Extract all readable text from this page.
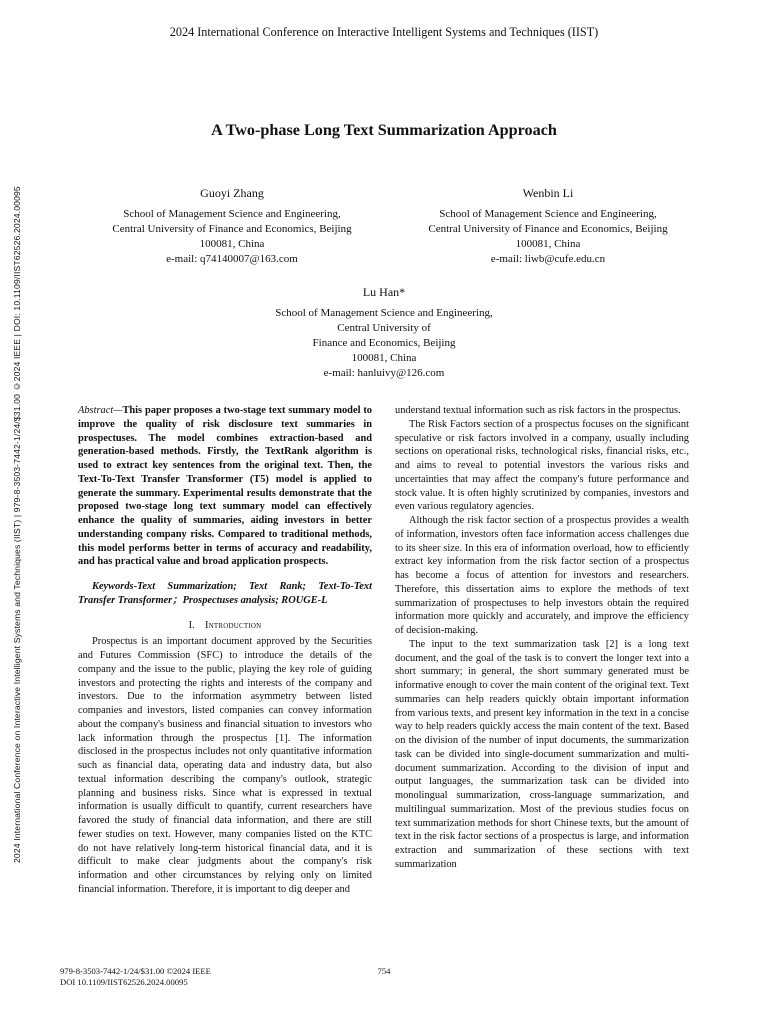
2024 International Conference on Interactive Intelligent Systems and Techniques (IIST)
2024 International Conference on Interactive Intelligent Systems and Techniques (IIST) | 979-8-3503-7442-1/24/$31.00 ©2024 IEEE | DOI: 10.1109/IIST62526.2024.00095
A Two-phase Long Text Summarization Approach
Guoyi Zhang
School of Management Science and Engineering,
Central University of Finance and Economics, Beijing
100081, China
e-mail: q74140007@163.com
Wenbin Li
School of Management Science and Engineering,
Central University of Finance and Economics, Beijing
100081, China
e-mail: liwb@cufe.edu.cn
Lu Han*
School of Management Science and Engineering,
Central University of
Finance and Economics, Beijing
100081, China
e-mail: hanluivy@126.com

Abstract—This paper proposes a two-stage text summary model to improve the quality of risk disclosure text summaries in prospectuses. The model combines extraction-based and generation-based methods. Firstly, the TextRank algorithm is used to extract key sentences from the original text. Then, the Text-To-Text Transfer Transformer (T5) model is applied to generate the summary. Experimental results demonstrate that the proposed two-stage long text summary model can effectively enhance the quality of summaries, aiding investors in better understanding company risks. Compared to traditional methods, this model performs better in terms of accuracy and readability, and has practical value and broad application prospects.

Keywords-Text Summarization; Text Rank; Text-To-Text Transfer Transformer；Prospectuses analysis; ROUGE-L

I. Introduction

Prospectus is an important document approved by the Securities and Futures Commission (SFC) to introduce the details of the company and the issue to the public, playing the key role of guiding investors and protecting the rights and interests of the company and investors. Due to the information asymmetry between listed companies and investors, listed companies can convey information about the company's business and financial situation to investors who lack information through the prospectus [1]. The information disclosed in the prospectus includes not only quantitative information such as financial data, operating data and industry data, but also textual information describing the company's outlook, strategic planning and business risks. Since what is expressed in textual information is usually difficult to quantify, current researchers have favored the study of financial data information, and there are still fewer studies on text. However, many companies listed on the KTC do not have relatively long-term historical financial data, and it is difficult to make clear judgments about the company's risk information and other circumstances by relying only on limited financial information. Therefore, it is important to dig deeper and

understand textual information such as risk factors in the prospectus.

The Risk Factors section of a prospectus focuses on the significant speculative or risk factors involved in a company, usually including sections on operational risks, technological risks, financial risks, etc., and aims to reveal to potential investors the various risks and uncertainties that may affect the company's future performance and stock value. It is often highly scrutinized by companies, investors and even various regulatory agencies.

Although the risk factor section of a prospectus provides a wealth of information, investors often face information access challenges due to its sheer size. In this era of information overload, how to efficiently extract key information from the risk factor section of a prospectus has become a focus of attention for investors and researchers. Therefore, this dissertation aims to explore the methods of text summarization of prospectuses to help investors obtain the required information more quickly and accurately, and improve the efficiency of decision-making.

The input to the text summarization task [2] is a long text document, and the goal of the task is to convert the longer text into a short summary; in general, the short summary generated must be informative enough to cover the main content of the original text. Text summaries can help readers quickly obtain important information from various texts, and present key information in the text in a concise way to help readers quickly access the main content of the text. Based on the division of the number of input documents, the summarization task can be divided into single-document summarization and multi-document summarization. According to the division of input and output languages, the summarization task can be divided into monolingual summarization, cross-language summarization, and multilingual summarization. Most of the previous studies focus on text summarization methods for short Chinese texts, but the amount of text in the risk factor sections of a prospectus is large, and information extraction and summarization of these sections with text summarization

979-8-3503-7442-1/24/$31.00 ©2024 IEEE
DOI 10.1109/IIST62526.2024.00095
754
